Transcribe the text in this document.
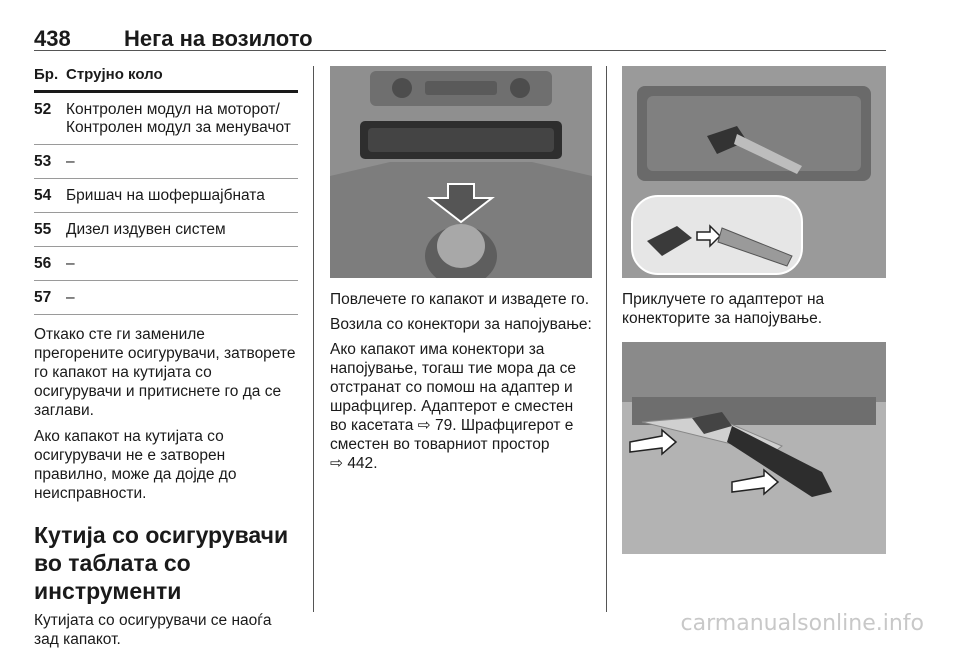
438 Нега на возилото
Бр. Струјно коло
52 Контролен модул на моторот/ Контролен модул за менувачот
53 –
54 Бришач на шофершајбната
55 Дизел издувен систем
56 –
57 –
Откако сте ги замениле прегорените осигурувачи, затворете го капакот на кутијата со осигурувачи и притиснете го да се заглави.
Ако капакот на кутијата со осигурувачи не е затворен правилно, може да дојде до неисправности.
Кутија со осигурувачи во таблата со инструменти
Кутијата со осигурувачи се наоѓа зад капакот.
Повлечете го капакот и извадете го.
Возила со конектори за напојување:
Ако капакот има конектори за напојување, тогаш тие мора да се отстранат со помош на адаптер и шрафцигер. Адаптерот е сместен во касетата ⇨ 79. Шрафцигерот е сместен во товарниот простор
⇨ 442.
Приклучете го адаптерот на конекторите за напојување.
carmanualsonline.info
